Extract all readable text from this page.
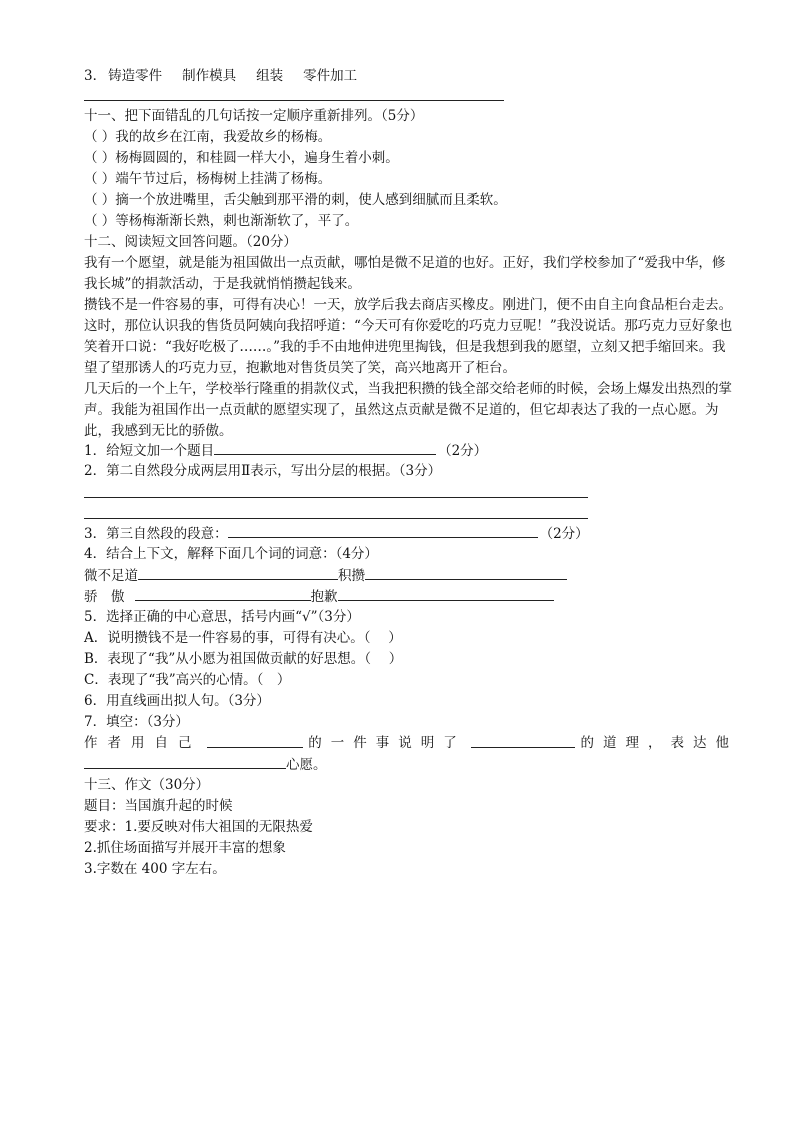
3． 铸造零件 制作模具 组装 零件加工
十一、把下面错乱的几句话按一定顺序重新排列。（5分）
（ ）我的故乡在江南，我爱故乡的杨梅。
（ ）杨梅圆圆的，和桂圆一样大小，遍身生着小刺。
（ ）端午节过后，杨梅树上挂满了杨梅。
（ ）摘一个放进嘴里，舌尖触到那平滑的刺，使人感到细腻而且柔软。
（ ）等杨梅渐渐长熟，刺也渐渐软了，平了。
十二、阅读短文回答问题。（20分）
我有一个愿望，就是能为祖国做出一点贡献，哪怕是微不足道的也好。正好，我们学校参加了“爱我中华，修我长城”的捐款活动，于是我就悄悄攒起钱来。
攒钱不是一件容易的事，可得有决心！一天，放学后我去商店买橡皮。刚进门，便不由自主向食品柜台走去。这时，那位认识我的售货员阿姨向我招呼道：“今天可有你爱吃的巧克力豆呢！”我没说话。那巧克力豆好象也笑着开口说：“我好吃极了……。”我的手不由地伸进兜里掏钱，但是我想到我的愿望，立刻又把手缩回来。我望了望那诱人的巧克力豆，抱歉地对售货员笑了笑，高兴地离开了柜台。
几天后的一个上午，学校举行隆重的捐款仪式，当我把积攒的钱全部交给老师的时候，会场上爆发出热烈的掌声。我能为祖国作出一点贡献的愿望实现了，虽然这点贡献是微不足道的，但它却表达了我的一点心愿。为此，我感到无比的骄傲。
1．给短文加一个题目	（2分）
2．第二自然段分成两层用Ⅱ表示，写出分层的根据。（3分）
3．第三自然段的段意：	（2分）
4．结合上下文，解释下面几个词的词意：（4分）
微不足道	积攒
骄　傲	抱歉
5．选择正确的中心意思，括号内画“√”（3分）
A．说明攒钱不是一件容易的事，可得有决心。（　 ）
B．表现了“我”从小愿为祖国做贡献的好思想。（　 ）
C．表现了“我”高兴的心情。（　）
6．用直线画出拟人句。（3分）
7．填空：（3分）
作者用自己	的一件事说明了	的道理，表达他
心愿。
十三、作文（30分）
题目：当国旗升起的时候
要求：1.要反映对伟大祖国的无限热爱
2.抓住场面描写并展开丰富的想象
3.字数在 400 字左右。
